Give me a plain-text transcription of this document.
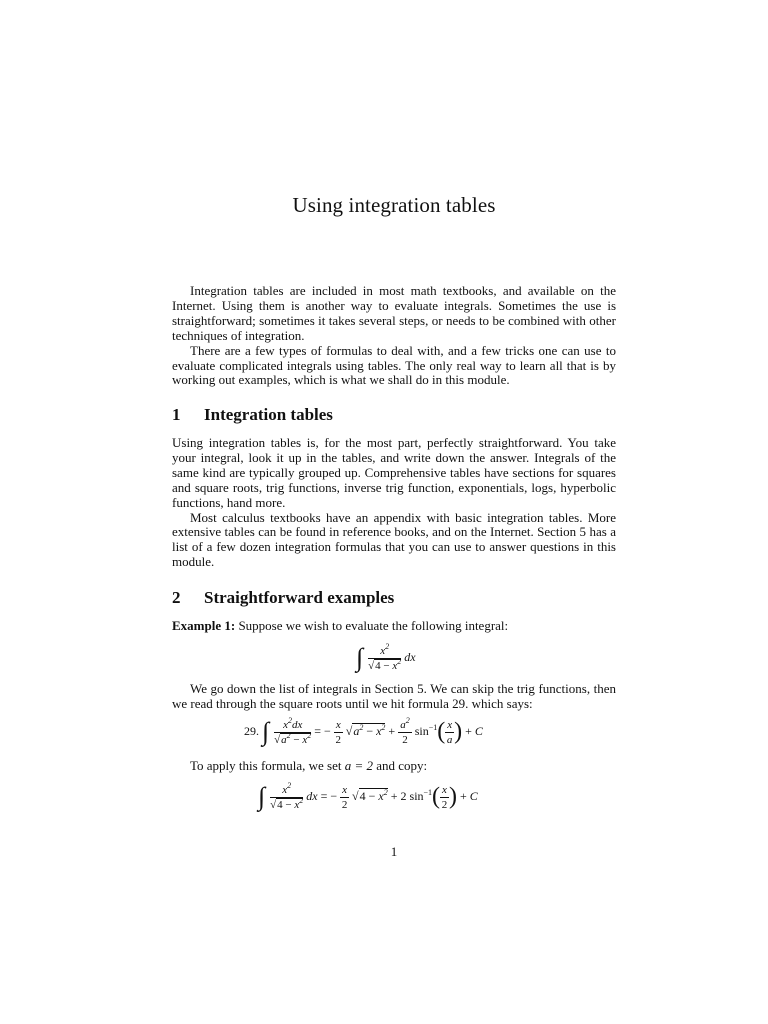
Using integration tables

Integration tables are included in most math textbooks, and available on the Internet. Using them is another way to evaluate integrals. Sometimes the use is straightforward; sometimes it takes several steps, or needs to be combined with other techniques of integration.

There are a few types of formulas to deal with, and a few tricks one can use to evaluate complicated integrals using tables. The only real way to learn all that is by working out examples, which is what we shall do in this module.

1 Integration tables

Using integration tables is, for the most part, perfectly straightforward. You take your integral, look it up in the tables, and write down the answer. Integrals of the same kind are typically grouped up. Comprehensive tables have sections for squares and square roots, trig functions, inverse trig function, exponentials, logs, hyperbolic functions, hand more.

Most calculus textbooks have an appendix with basic integration tables. More extensive tables can be found in reference books, and on the Internet. Section 5 has a list of a few dozen integration formulas that you can use to answer questions in this module.

2 Straightforward examples

Example 1: Suppose we wish to evaluate the following integral:

∫ $\frac{x^2}{√4 - x^2}$ dx

We go down the list of integrals in Section 5. We can skip the trig functions, then we read through the square roots until we hit formula 29. which says:

29. ∫ $\frac{x^2dx}{√a^2 - x^2}$ = − $\frac{x}{2} √a^2 - x^2 + \frac{a^2}{2} \sin^{-1}( \frac{x}{a}$ ) + C

To apply this formula, we set a = 2 and copy:

∫ $\frac{x^2}{√4 - x^2}$ dx = − $\frac{x}{2} √4 - x^2 + 2$ $\sin^{-1}( \frac{x}{2}$ ) + C
1
